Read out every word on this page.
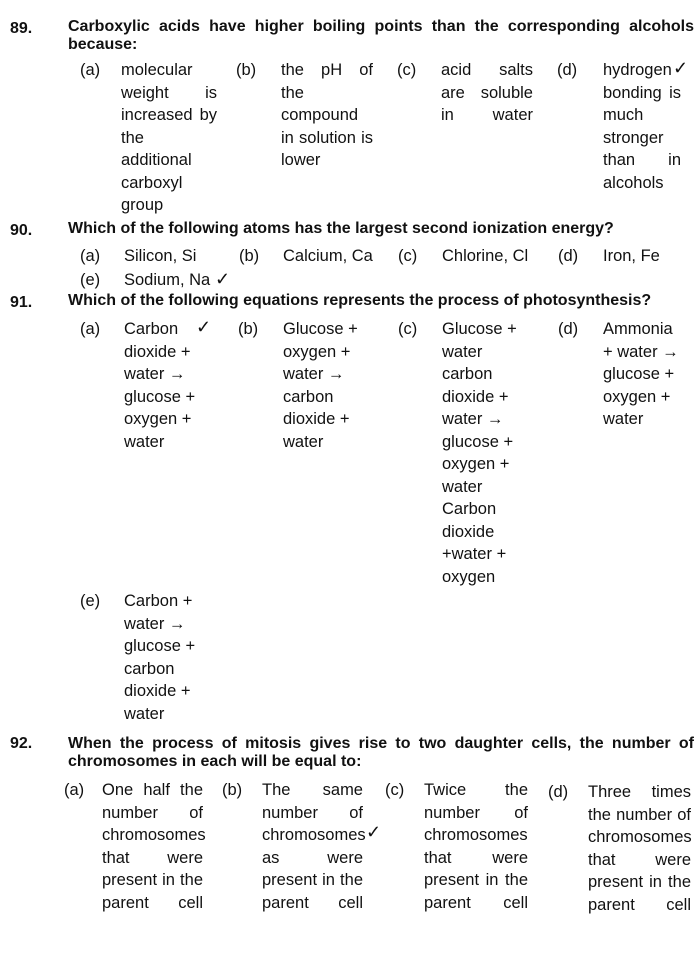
89. Carboxylic acids have higher boiling points than the corresponding alcohols because:
(a) molecular
weight is
increased by
the
additional
carboxyl
group
(b) the pH of
the
compound
in solution is
lower
(c) acid salts
are soluble
in water
(d) hydrogen
bonding is
much
stronger
than in
alcohols
✓
90. Which of the following atoms has the largest second ionization energy?
(a) Silicon, Si	(b) Calcium, Ca (c) Chlorine, Cl (d) Iron, Fe
(e) Sodium, Na ✓
91. Which of the following equations represents the process of photosynthesis?
(a) Carbon
dioxide +
water →
glucose +
oxygen +
water
✓ (b) Glucose +
oxygen +
water →
carbon
dioxide +
water
(c) Glucose +
water
carbon
dioxide +
water →
glucose +
oxygen +
water
Carbon
dioxide
+water +
oxygen
(d) Ammonia
+ water →
glucose +
oxygen +
water
(e) Carbon +
water →
glucose +
carbon
dioxide +
water
92. When the process of mitosis gives rise to two daughter cells, the number of chromosomes in each will be equal to:
(a) One half the
number of
chromosomes
that were
present in the
parent cell
(b) The same
number of
chromosomes
as were
present in the
parent cell
✓
(c) Twice the
number of
chromosomes
that were
present in the
parent cell
(d) Three times
the number of
chromosomes
that were
present in the
parent cell
